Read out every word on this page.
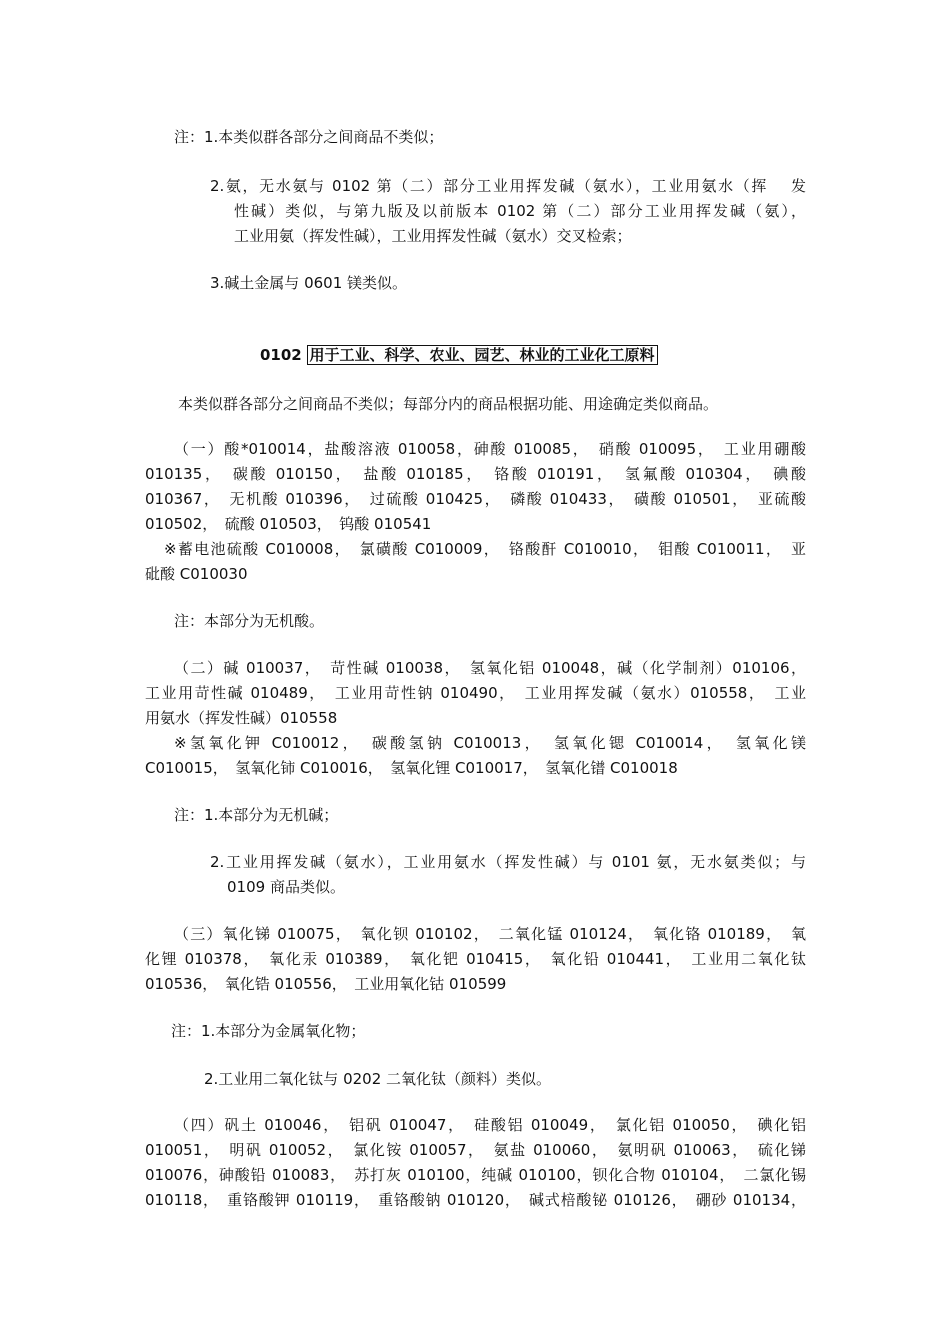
注：1.本类似群各部分之间商品不类似；
2.氨，无水氨与 0102 第（二）部分工业用挥发碱（氨水），工业用氨水（挥　 发
性碱）类似，与第九版及以前版本 0102 第（二）部分工业用挥发碱（氨），
工业用氨（挥发性碱），工业用挥发性碱（氨水）交叉检索；
3.碱土金属与 0601 镁类似。
0102 用于工业、科学、农业、园艺、林业的工业化工原料
本类似群各部分之间商品不类似；每部分内的商品根据功能、用途确定类似商品。
（一）酸*010014，盐酸溶液 010058，砷酸 010085，　硝酸 010095，　工业用硼酸
010135，　碳酸 010150，　盐酸 010185，　铬酸 010191，　氢氟酸 010304，　碘酸
010367，　无机酸 010396，　过硫酸 010425，　磷酸 010433，　磺酸 010501，　亚硫酸
010502，　硫酸 010503，　钨酸 010541
※蓄电池硫酸 C010008，　氯磺酸 C010009，　铬酸酐 C010010，　钼酸 C010011，　亚
砒酸 C010030
注：本部分为无机酸。
（二）碱 010037，　苛性碱 010038，　氢氧化铝 010048，碱（化学制剂）010106，
工业用苛性碱 010489，　工业用苛性钠 010490，　工业用挥发碱（氨水）010558，　工业
用氨水（挥发性碱）010558
※氢氧化钾 C010012，　碳酸氢钠 C010013，　氢氧化锶 C010014，　氢氧化镁
C010015，　氢氧化铈 C010016，　氢氧化锂 C010017，　氢氧化镨 C010018
注：1.本部分为无机碱；
2.工业用挥发碱（氨水），工业用氨水（挥发性碱）与 0101 氨，无水氨类似；与
0109 商品类似。
（三）氧化锑 010075，　氧化钡 010102，　二氧化锰 010124，　氧化铬 010189，　氧
化锂 010378，　氧化汞 010389，　氧化钯 010415，　氧化铅 010441，　工业用二氧化钛
010536，　氧化锆 010556，　工业用氧化钴 010599
注：1.本部分为金属氧化物；
2.工业用二氧化钛与 0202 二氧化钛（颜料）类似。
（四）矾土 010046，　铝矾 010047，　硅酸铝 010049，　氯化铝 010050，　碘化铝
010051，　明矾 010052，　氯化铵 010057，　氨盐 010060，　氨明矾 010063，　硫化锑
010076，砷酸铅 010083，　苏打灰 010100，纯碱 010100，钡化合物 010104，　二氯化锡
010118，　重铬酸钾 010119，　重铬酸钠 010120，　碱式棓酸铋 010126，　硼砂 010134，
